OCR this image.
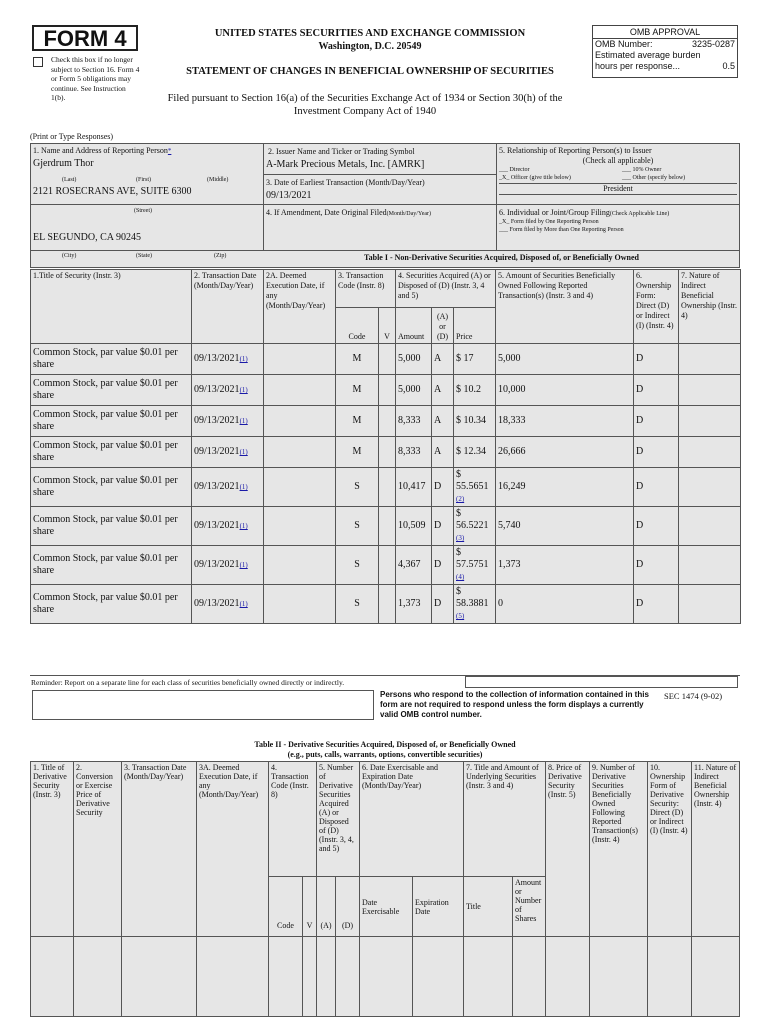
FORM 4
Check this box if no longer subject to Section 16. Form 4 or Form 5 obligations may continue. See Instruction 1(b).
UNITED STATES SECURITIES AND EXCHANGE COMMISSION
Washington, D.C. 20549
STATEMENT OF CHANGES IN BENEFICIAL OWNERSHIP OF SECURITIES
Filed pursuant to Section 16(a) of the Securities Exchange Act of 1934 or Section 30(h) of the
Investment Company Act of 1940
OMB APPROVAL
OMB Number:	3235-0287
Estimated average burden
hours per response...	0.5
(Print or Type Responses)
1. Name and Address of Reporting Person*
Gjerdrum Thor
(Last)	(First)	(Middle)
2121 ROSECRANS AVE, SUITE 6300
(Street)
EL SEGUNDO, CA 90245
(City)	(State)	(Zip)
2. Issuer Name and Ticker or Trading Symbol
A-Mark Precious Metals, Inc. [AMRK]
3. Date of Earliest Transaction (Month/Day/Year)
09/13/2021
4. If Amendment, Date Original Filed(Month/Day/Year)
5. Relationship of Reporting Person(s) to Issuer
(Check all applicable)
___ Director	___ 10% Owner
_X_ Officer (give title below)	___ Other (specify below)
President
6. Individual or Joint/Group Filing(Check Applicable Line)
_X_ Form filed by One Reporting Person
___ Form filed by More than One Reporting Person
Table I - Non-Derivative Securities Acquired, Disposed of, or Beneficially Owned
1.Title of Security (Instr. 3)	2. Transaction Date (Month/Day/Year)	2A. Deemed Execution Date, if any (Month/Day/Year)	3. Transaction Code (Instr. 8)		4. Securities Acquired (A) or Disposed of (D) (Instr. 3, 4 and 5)			5. Amount of Securities Beneficially Owned Following Reported Transaction(s) (Instr. 3 and 4)	6. Ownership Form: Direct (D) or Indirect (I) (Instr. 4)	7. Nature of Indirect Beneficial Ownership (Instr. 4)
			Code	V	Amount	(A) or (D)	Price			

Common Stock, par value $0.01 per share	09/13/2021(1)		M		5,000	A	$ 17	5,000	D	
Common Stock, par value $0.01 per share	09/13/2021(1)		M		5,000	A	$ 10.2	10,000	D	
Common Stock, par value $0.01 per share	09/13/2021(1)		M		8,333	A	$ 10.34	18,333	D	
Common Stock, par value $0.01 per share	09/13/2021(1)		M		8,333	A	$ 12.34	26,666	D	
Common Stock, par value $0.01 per share	09/13/2021(1)		S		10,417	D	$ 55.5651 (2)	16,249	D	
Common Stock, par value $0.01 per share	09/13/2021(1)		S		10,509	D	$ 56.5221 (3)	5,740	D	
Common Stock, par value $0.01 per share	09/13/2021(1)		S		4,367	D	$ 57.5751 (4)	1,373	D	
Common Stock, par value $0.01 per share	09/13/2021(1)		S		1,373	D	$ 58.3881 (5)	0	D	
Reminder: Report on a separate line for each class of securities beneficially owned directly or indirectly.
Persons who respond to the collection of information contained in this form are not required to respond unless the form displays a currently valid OMB control number.
SEC 1474 (9-02)
Table II - Derivative Securities Acquired, Disposed of, or Beneficially Owned
(e.g., puts, calls, warrants, options, convertible securities)
1. Title of Derivative Security (Instr. 3)	2. Conversion or Exercise Price of Derivative Security	3. Transaction Date (Month/Day/Year)	3A. Deemed Execution Date, if any (Month/Day/Year)	4. Transaction Code (Instr. 8)		5. Number of Derivative Securities Acquired (A) or Disposed of (D) (Instr. 3, 4, and 5)		6. Date Exercisable and Expiration Date (Month/Day/Year)		7. Title and Amount of Underlying Securities (Instr. 3 and 4)		8. Price of Derivative Security (Instr. 5)	9. Number of Derivative Securities Beneficially Owned Following Reported Transaction(s) (Instr. 4)	10. Ownership Form of Derivative Security: Direct (D) or Indirect (I) (Instr. 4)	11. Nature of Indirect Beneficial Ownership (Instr. 4)
				Code	V	(A)	(D)	Date Exercisable	Expiration Date	Title	Amount or Number of Shares				
